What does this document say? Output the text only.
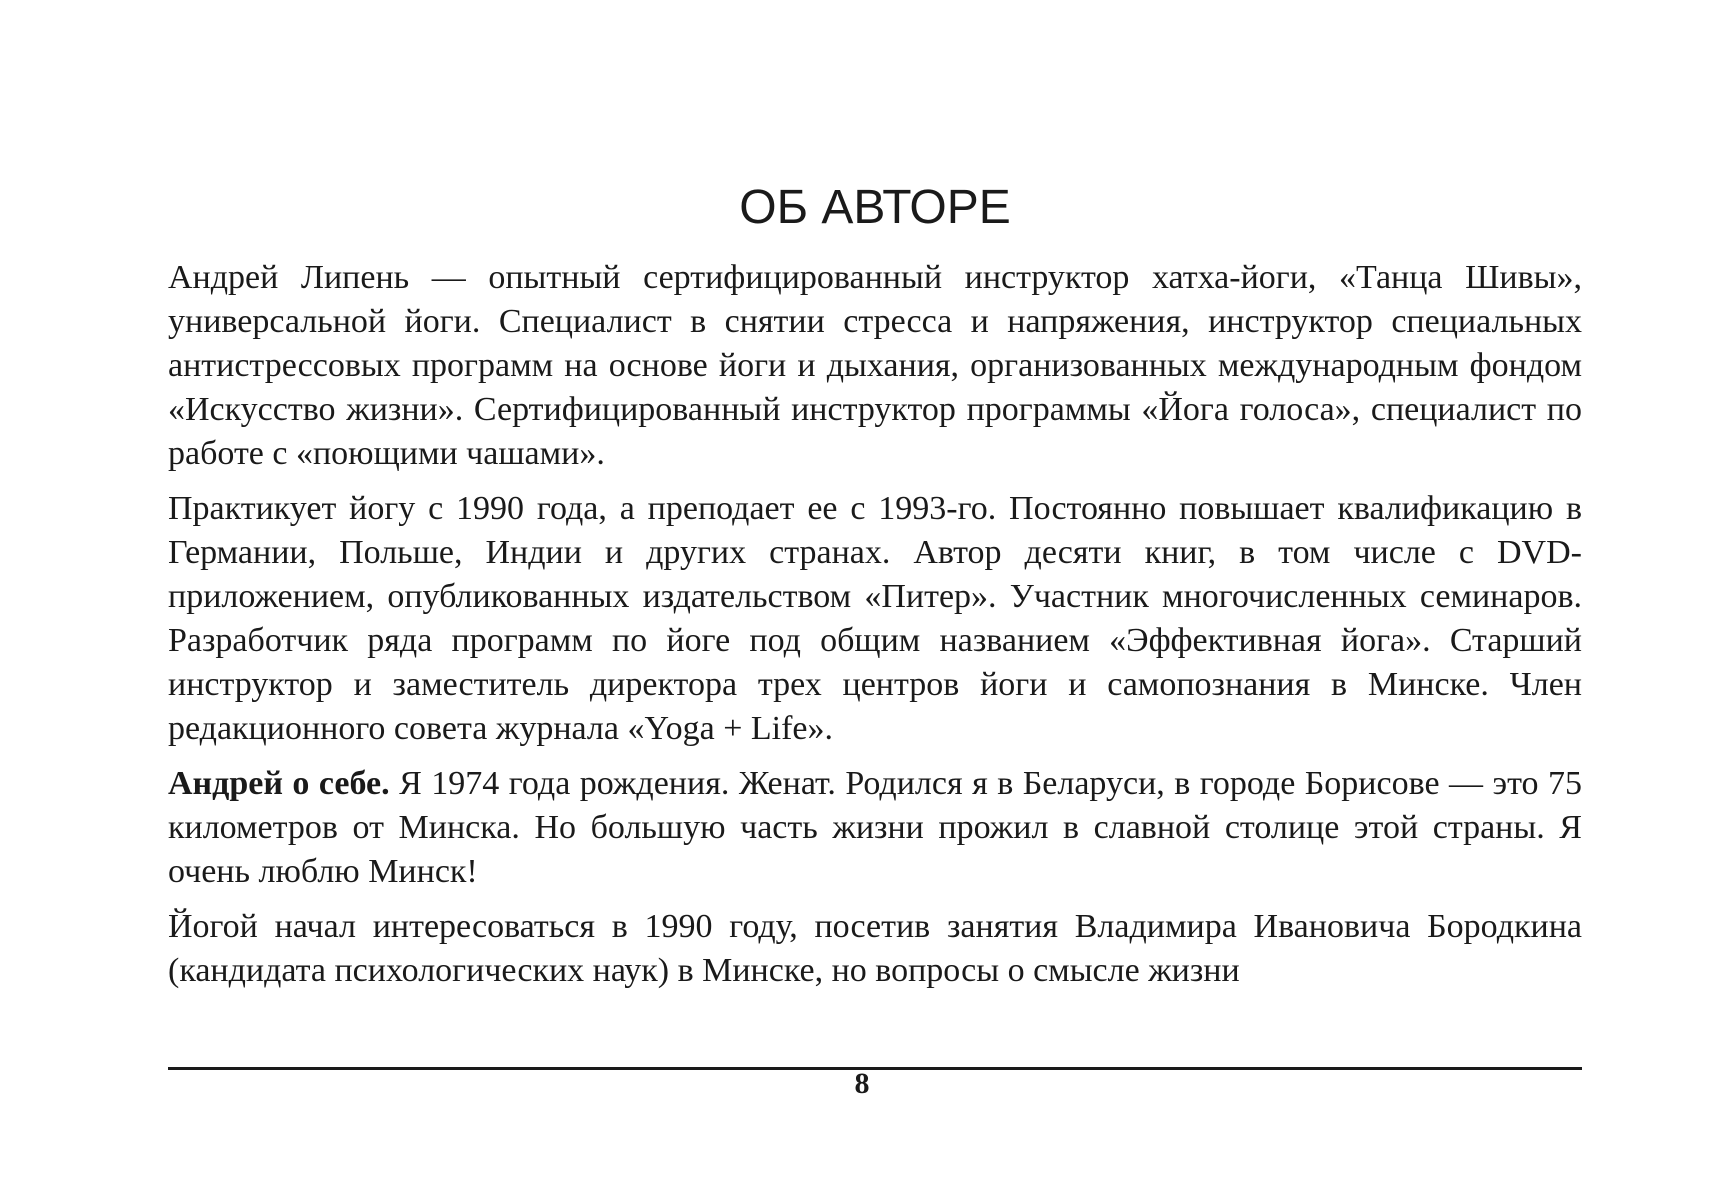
ОБ АВТОРЕ

Андрей Липень — опытный сертифицированный инструктор хатха-йоги, «Танца Шивы», универсальной йоги. Специалист в снятии стресса и напряжения, инструктор специальных антистрессовых программ на основе йоги и дыхания, организованных международным фондом «Искусство жизни». Сертифицированный инструктор программы «Йога голоса», специалист по работе с «поющими чашами».

Практикует йогу с 1990 года, а преподает ее с 1993-го. Постоянно повышает квалификацию в Германии, Польше, Индии и других странах. Автор десяти книг, в том числе с DVD-приложением, опубликованных издательством «Питер». Участник многочисленных семинаров. Разработчик ряда программ по йоге под общим названием «Эффективная йога». Старший инструктор и заместитель директора трех центров йоги и самопознания в Минске. Член редакционного совета журнала «Yoga + Life».

Андрей о себе. Я 1974 года рождения. Женат. Родился я в Беларуси, в городе Борисове — это 75 километров от Минска. Но большую часть жизни прожил в славной столице этой страны. Я очень люблю Минск!

Йогой начал интересоваться в 1990 году, посетив занятия Владимира Ивановича Бородкина (кандидата психологических наук) в Минске, но вопросы о смысле жизни

8
